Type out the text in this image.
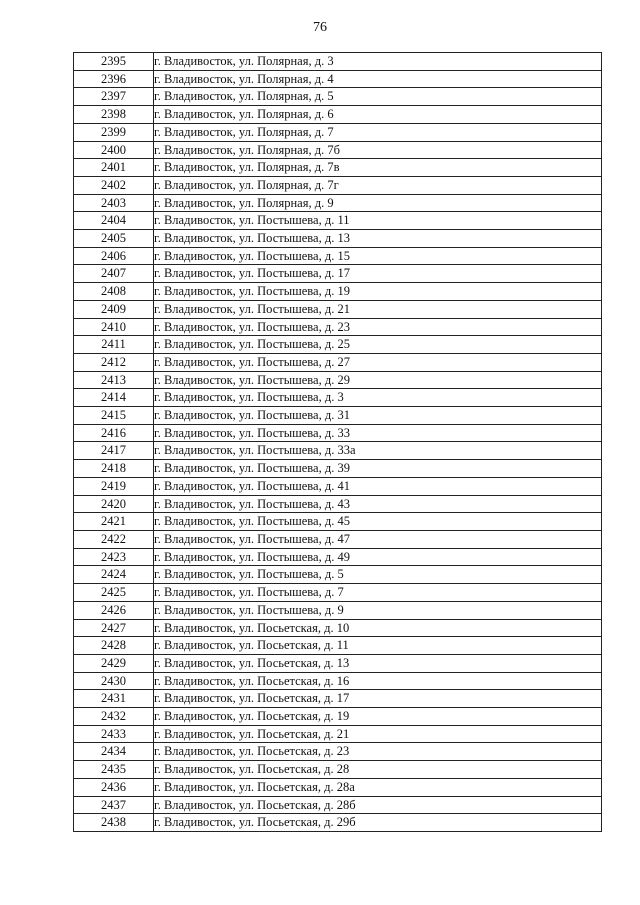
76
2395	г. Владивосток, ул. Полярная, д. 3
2396	г. Владивосток, ул. Полярная, д. 4
2397	г. Владивосток, ул. Полярная, д. 5
2398	г. Владивосток, ул. Полярная, д. 6
2399	г. Владивосток, ул. Полярная, д. 7
2400	г. Владивосток, ул. Полярная, д. 7б
2401	г. Владивосток, ул. Полярная, д. 7в
2402	г. Владивосток, ул. Полярная, д. 7г
2403	г. Владивосток, ул. Полярная, д. 9
2404	г. Владивосток, ул. Постышева, д. 11
2405	г. Владивосток, ул. Постышева, д. 13
2406	г. Владивосток, ул. Постышева, д. 15
2407	г. Владивосток, ул. Постышева, д. 17
2408	г. Владивосток, ул. Постышева, д. 19
2409	г. Владивосток, ул. Постышева, д. 21
2410	г. Владивосток, ул. Постышева, д. 23
2411	г. Владивосток, ул. Постышева, д. 25
2412	г. Владивосток, ул. Постышева, д. 27
2413	г. Владивосток, ул. Постышева, д. 29
2414	г. Владивосток, ул. Постышева, д. 3
2415	г. Владивосток, ул. Постышева, д. 31
2416	г. Владивосток, ул. Постышева, д. 33
2417	г. Владивосток, ул. Постышева, д. 33а
2418	г. Владивосток, ул. Постышева, д. 39
2419	г. Владивосток, ул. Постышева, д. 41
2420	г. Владивосток, ул. Постышева, д. 43
2421	г. Владивосток, ул. Постышева, д. 45
2422	г. Владивосток, ул. Постышева, д. 47
2423	г. Владивосток, ул. Постышева, д. 49
2424	г. Владивосток, ул. Постышева, д. 5
2425	г. Владивосток, ул. Постышева, д. 7
2426	г. Владивосток, ул. Постышева, д. 9
2427	г. Владивосток, ул. Посьетская, д. 10
2428	г. Владивосток, ул. Посьетская, д. 11
2429	г. Владивосток, ул. Посьетская, д. 13
2430	г. Владивосток, ул. Посьетская, д. 16
2431	г. Владивосток, ул. Посьетская, д. 17
2432	г. Владивосток, ул. Посьетская, д. 19
2433	г. Владивосток, ул. Посьетская, д. 21
2434	г. Владивосток, ул. Посьетская, д. 23
2435	г. Владивосток, ул. Посьетская, д. 28
2436	г. Владивосток, ул. Посьетская, д. 28а
2437	г. Владивосток, ул. Посьетская, д. 28б
2438	г. Владивосток, ул. Посьетская, д. 29б
